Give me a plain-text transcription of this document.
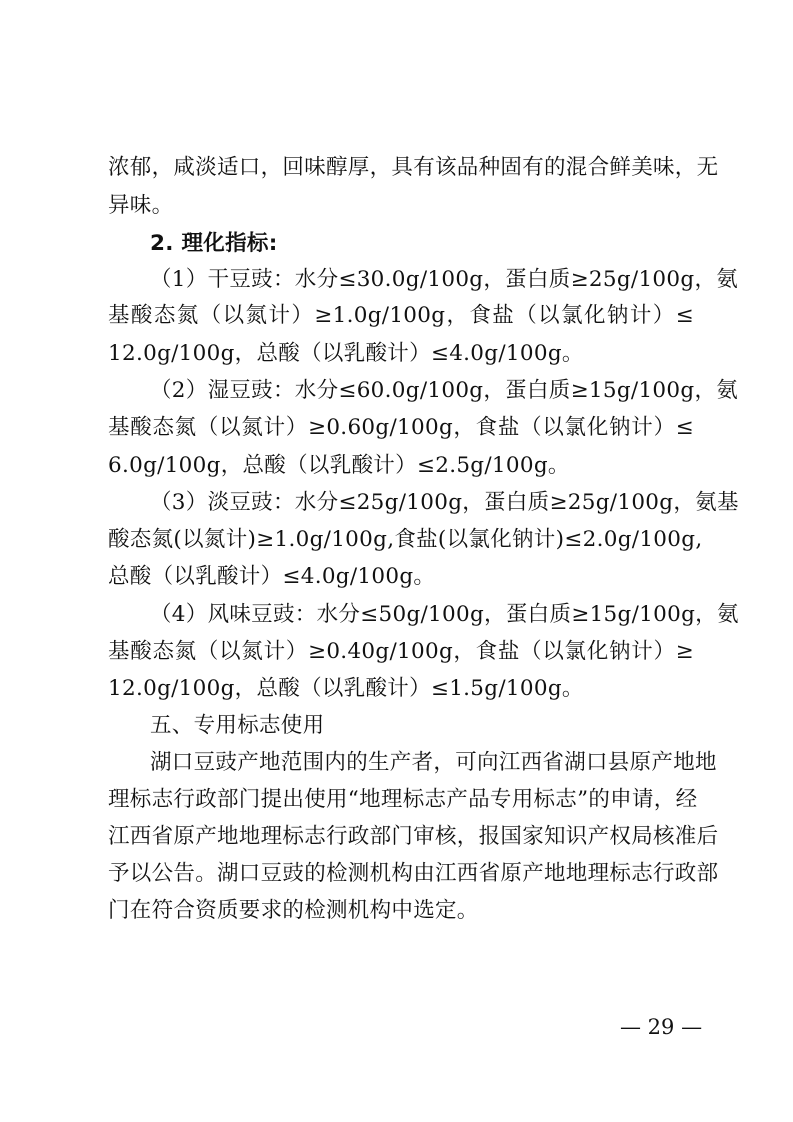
浓郁，咸淡适口，回味醇厚，具有该品种固有的混合鲜美味，无
异味。
2. 理化指标:
（1）干豆豉：水分≤30.0g/100g，蛋白质≥25g/100g，氨
基酸态氮（以氮计）≥1.0g/100g，食盐（以氯化钠计）≤
12.0g/100g，总酸（以乳酸计）≤4.0g/100g。
（2）湿豆豉：水分≤60.0g/100g，蛋白质≥15g/100g，氨
基酸态氮（以氮计）≥0.60g/100g，食盐（以氯化钠计）≤
6.0g/100g，总酸（以乳酸计）≤2.5g/100g。
（3）淡豆豉：水分≤25g/100g，蛋白质≥25g/100g，氨基
酸态氮(以氮计)≥1.0g/100g,食盐(以氯化钠计)≤2.0g/100g,
总酸（以乳酸计）≤4.0g/100g。
（4）风味豆豉：水分≤50g/100g，蛋白质≥15g/100g，氨
基酸态氮（以氮计）≥0.40g/100g，食盐（以氯化钠计）≥
12.0g/100g，总酸（以乳酸计）≤1.5g/100g。
五、专用标志使用
湖口豆豉产地范围内的生产者，可向江西省湖口县原产地地
理标志行政部门提出使用“地理标志产品专用标志”的申请，经
江西省原产地地理标志行政部门审核，报国家知识产权局核准后
予以公告。湖口豆豉的检测机构由江西省原产地地理标志行政部
门在符合资质要求的检测机构中选定。
— 29 —
